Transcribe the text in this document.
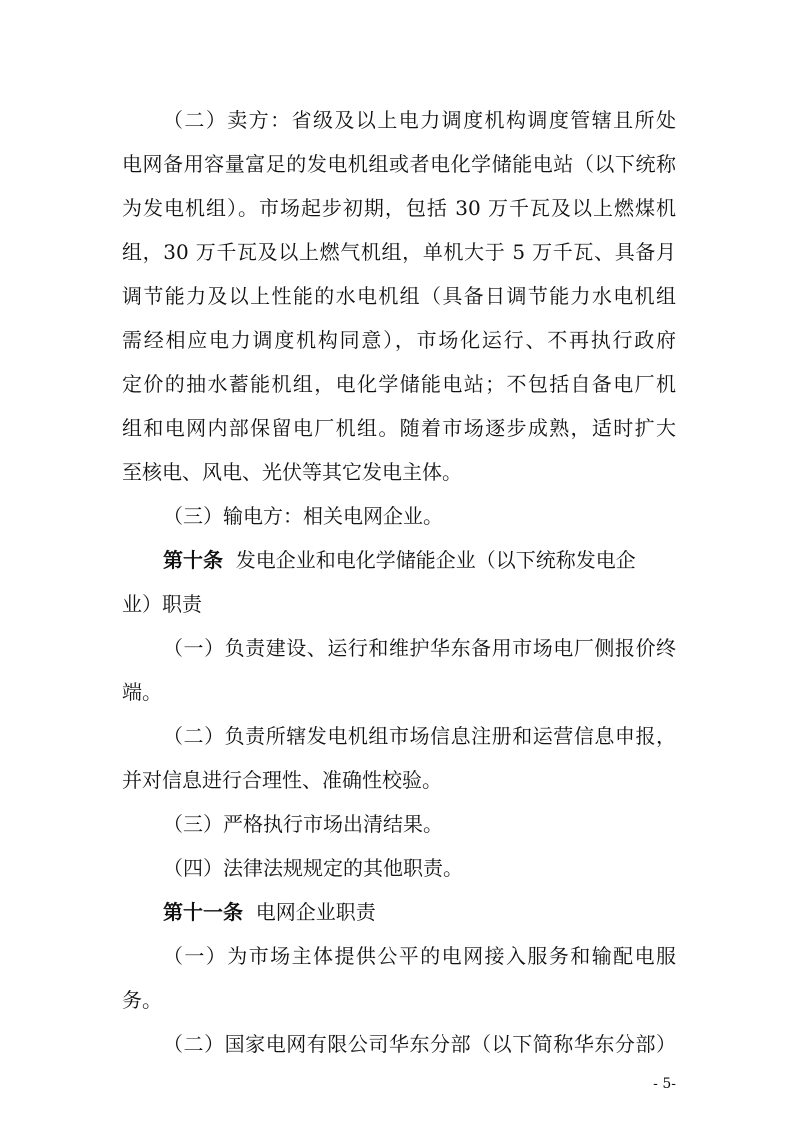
（二）卖方：省级及以上电力调度机构调度管辖且所处
电网备用容量富足的发电机组或者电化学储能电站（以下统称
为发电机组）。市场起步初期，包括 30 万千瓦及以上燃煤机
组，30 万千瓦及以上燃气机组，单机大于 5 万千瓦、具备月
调节能力及以上性能的水电机组（具备日调节能力水电机组
需经相应电力调度机构同意），市场化运行、不再执行政府
定价的抽水蓄能机组，电化学储能电站；不包括自备电厂机
组和电网内部保留电厂机组。随着市场逐步成熟，适时扩大
至核电、风电、光伏等其它发电主体。
（三）输电方：相关电网企业。
第十条 发电企业和电化学储能企业（以下统称发电企
业）职责
（一）负责建设、运行和维护华东备用市场电厂侧报价终
端。
（二）负责所辖发电机组市场信息注册和运营信息申报，
并对信息进行合理性、准确性校验。
（三）严格执行市场出清结果。
（四）法律法规规定的其他职责。
第十一条 电网企业职责
（一）为市场主体提供公平的电网接入服务和输配电服
务。
（二）国家电网有限公司华东分部（以下简称华东分部）
- 5-
